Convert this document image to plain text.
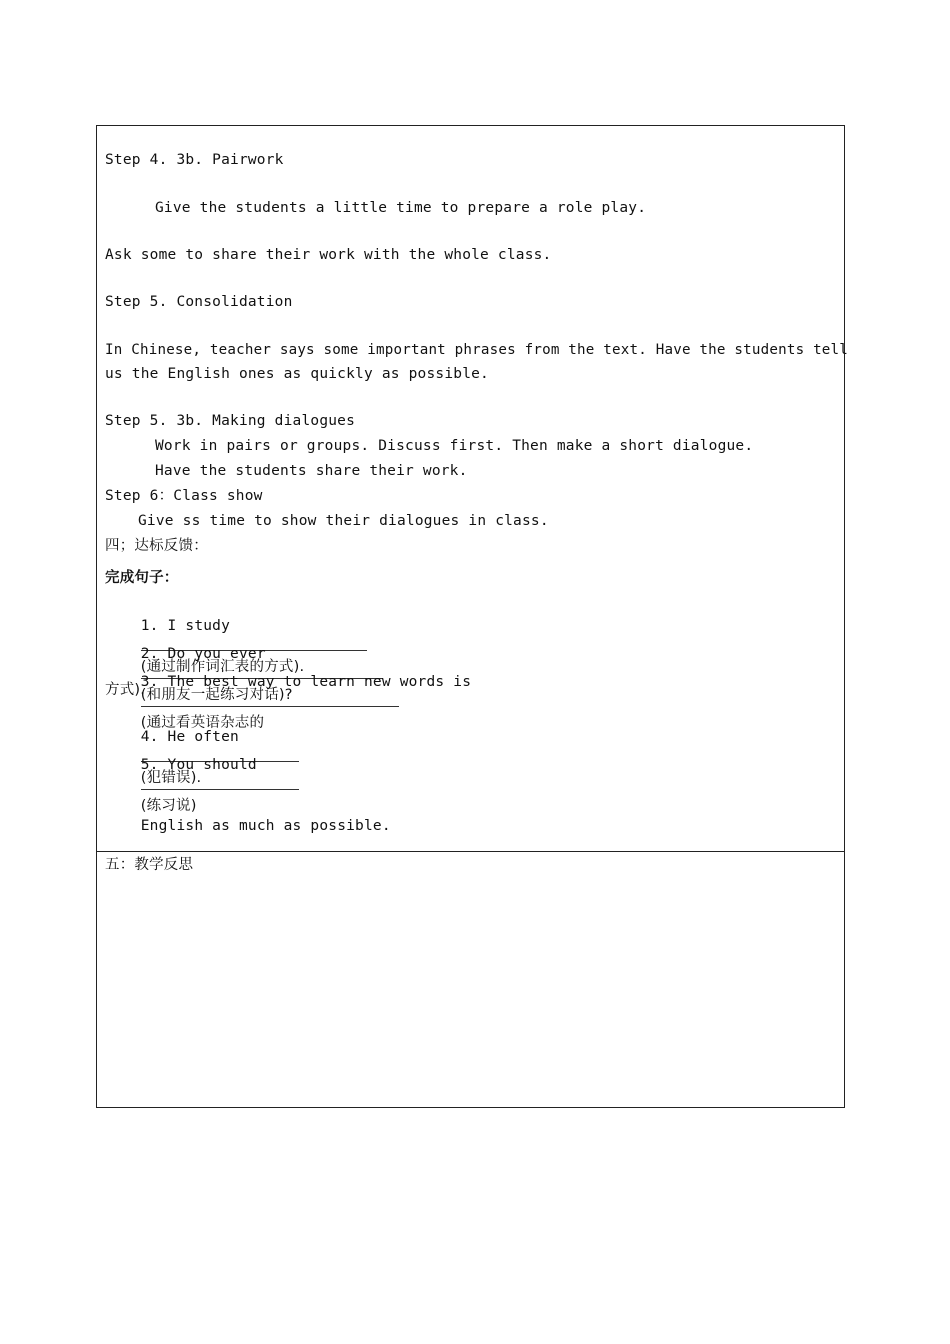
Step 4. 3b. Pairwork
Give the students a little time to prepare a role play.
Ask some to share their work with the whole class.
Step 5. Consolidation
In Chinese, teacher says some important phrases from the text. Have the students tell
us the English ones as quickly as possible.
Step 5. 3b. Making dialogues
Work in pairs or groups. Discuss first. Then make a short dialogue.
Have the students share their work.
Step 6：Class show
Give ss time to show their dialogues in class.
四；达标反馈：
完成句子：

1. I study

(通过制作词汇表的方式).

2. Do you ever

(和朋友一起练习对话)?

3. The best way to learn new words is

(通过看英语杂志的

方式).

4. He often

(犯错误).

5. You should

(练习说)
English as much as possible.

五：教学反思
